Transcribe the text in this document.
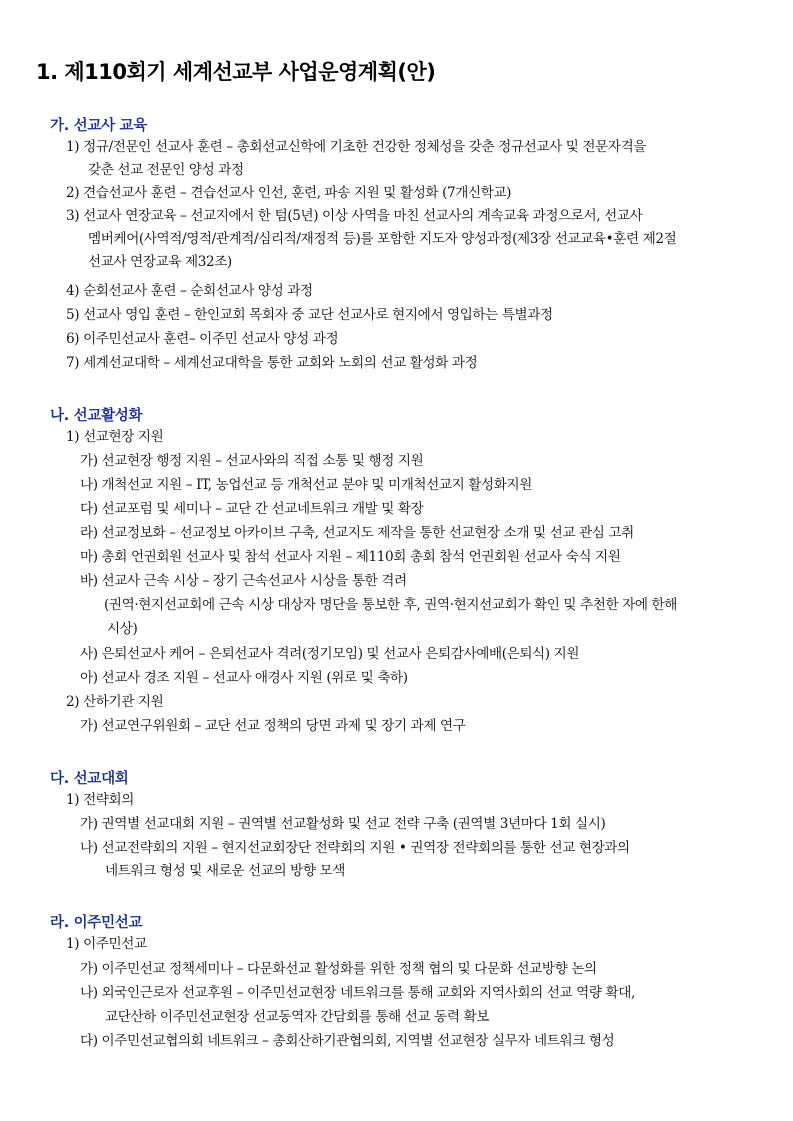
1. 제110회기 세계선교부 사업운영계획(안)
가. 선교사 교육
1) 정규/전문인 선교사 훈련 – 총회선교신학에 기초한 건강한 정체성을 갖춘 정규선교사 및 전문자격을
갖춘 선교 전문인 양성 과정
2) 견습선교사 훈련 – 견습선교사 인선, 훈련, 파송 지원 및 활성화 (7개신학교)
3) 선교사 연장교육 – 선교지에서 한 텀(5년) 이상 사역을 마친 선교사의 계속교육 과정으로서, 선교사
멤버케어(사역적/영적/관계적/심리적/재정적 등)를 포함한 지도자 양성과정(제3장 선교교육•훈련 제2절
선교사 연장교육 제32조)
4) 순회선교사 훈련 – 순회선교사 양성 과정
5) 선교사 영입 훈련 – 한인교회 목회자 중 교단 선교사로 현지에서 영입하는 특별과정
6) 이주민선교사 훈련– 이주민 선교사 양성 과정
7) 세계선교대학 – 세계선교대학을 통한 교회와 노회의 선교 활성화 과정
나. 선교활성화
1) 선교현장 지원
가) 선교현장 행정 지원 – 선교사와의 직접 소통 및 행정 지원
나) 개척선교 지원 – IT, 농업선교 등 개척선교 분야 및 미개척선교지 활성화지원
다) 선교포럼 및 세미나 – 교단 간 선교네트워크 개발 및 확장
라) 선교정보화 – 선교정보 아카이브 구축, 선교지도 제작을 통한 선교현장 소개 및 선교 관심 고취
마) 총회 언권회원 선교사 및 참석 선교사 지원 – 제110회 총회 참석 언권회원 선교사 숙식 지원
바) 선교사 근속 시상 – 장기 근속선교사 시상을 통한 격려
(권역·현지선교회에 근속 시상 대상자 명단을 통보한 후, 권역·현지선교회가 확인 및 추천한 자에 한해
시상)
사) 은퇴선교사 케어 – 은퇴선교사 격려(정기모임) 및 선교사 은퇴감사예배(은퇴식) 지원
아) 선교사 경조 지원 – 선교사 애경사 지원 (위로 및 축하)
2) 산하기관 지원
가) 선교연구위원회 – 교단 선교 정책의 당면 과제 및 장기 과제 연구
다. 선교대회
1) 전략회의
가) 권역별 선교대회 지원 – 권역별 선교활성화 및 선교 전략 구축 (권역별 3년마다 1회 실시)
나) 선교전략회의 지원 – 현지선교회장단 전략회의 지원 • 권역장 전략회의를 통한 선교 현장과의
네트워크 형성 및 새로운 선교의 방향 모색
라. 이주민선교
1) 이주민선교
가) 이주민선교 정책세미나 – 다문화선교 활성화를 위한 정책 협의 및 다문화 선교방향 논의
나) 외국인근로자 선교후원 – 이주민선교현장 네트워크를 통해 교회와 지역사회의 선교 역량 확대,
교단산하 이주민선교현장 선교동역자 간담회를 통해 선교 동력 확보
다) 이주민선교협의회 네트워크 – 총회산하기관협의회, 지역별 선교현장 실무자 네트워크 형성
